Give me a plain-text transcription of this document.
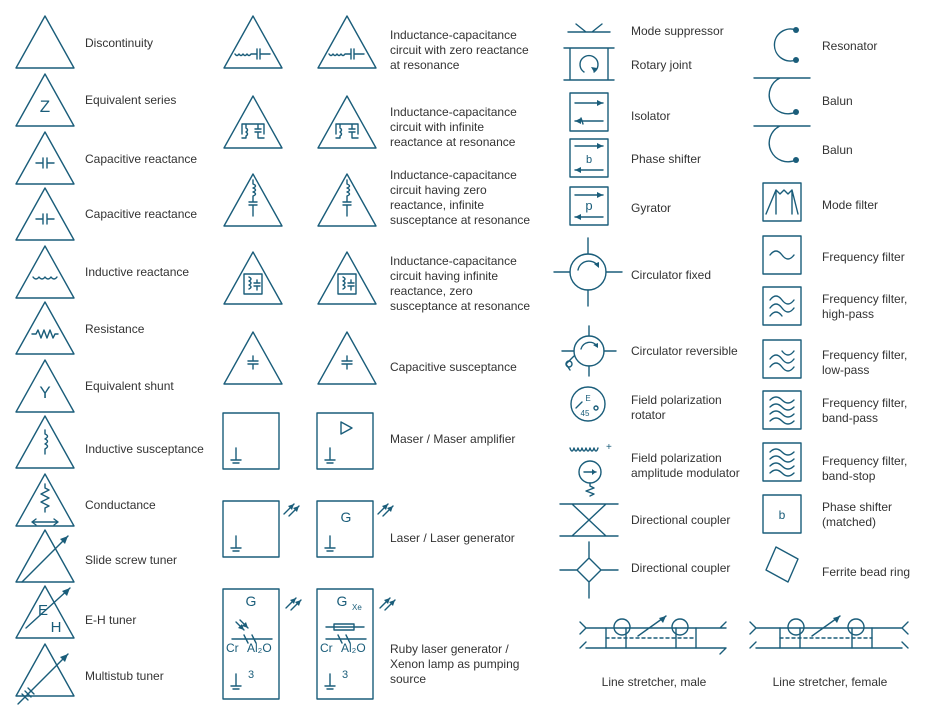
Discontinuity
Z	Equivalent series
Capacitive reactance
Capacitive reactance
Inductive reactance
Resistance
Y	Equivalent shunt
Inductive susceptance
Conductance
Slide screw tuner
E
H E-H tuner
Multistub tuner
Inductance-capacitance
circuit with zero reactance
at resonance
Inductance-capacitance
circuit with infinite
reactance at resonance
Inductance-capacitance
circuit having zero
reactance, infinite
susceptance at resonance
Inductance-capacitance
circuit having infinite
reactance, zero
susceptance at resonance
Capacitive susceptance
Maser / Maser amplifier
G
Laser / Laser generator
G
Cr Al₂O
3
G Xe
Cr Al₂O
3
Ruby laser generator /
Xenon lamp as pumping
source
Mode suppressor
Rotary joint
Isolator
b	Phase shifter
p	Gyrator
Circulator fixed
Circulator reversible
E
45
Field polarization
rotator
+
Field polarization
amplitude modulator
Directional coupler
Directional coupler
Line stretcher, male
Resonator
Balun
Balun
Mode filter
Frequency filter
Frequency filter,
high-pass
Frequency filter,
low-pass
Frequency filter,
band-pass
Frequency filter,
band-stop
b
Phase shifter
(matched)
Ferrite bead ring
Line stretcher, female
